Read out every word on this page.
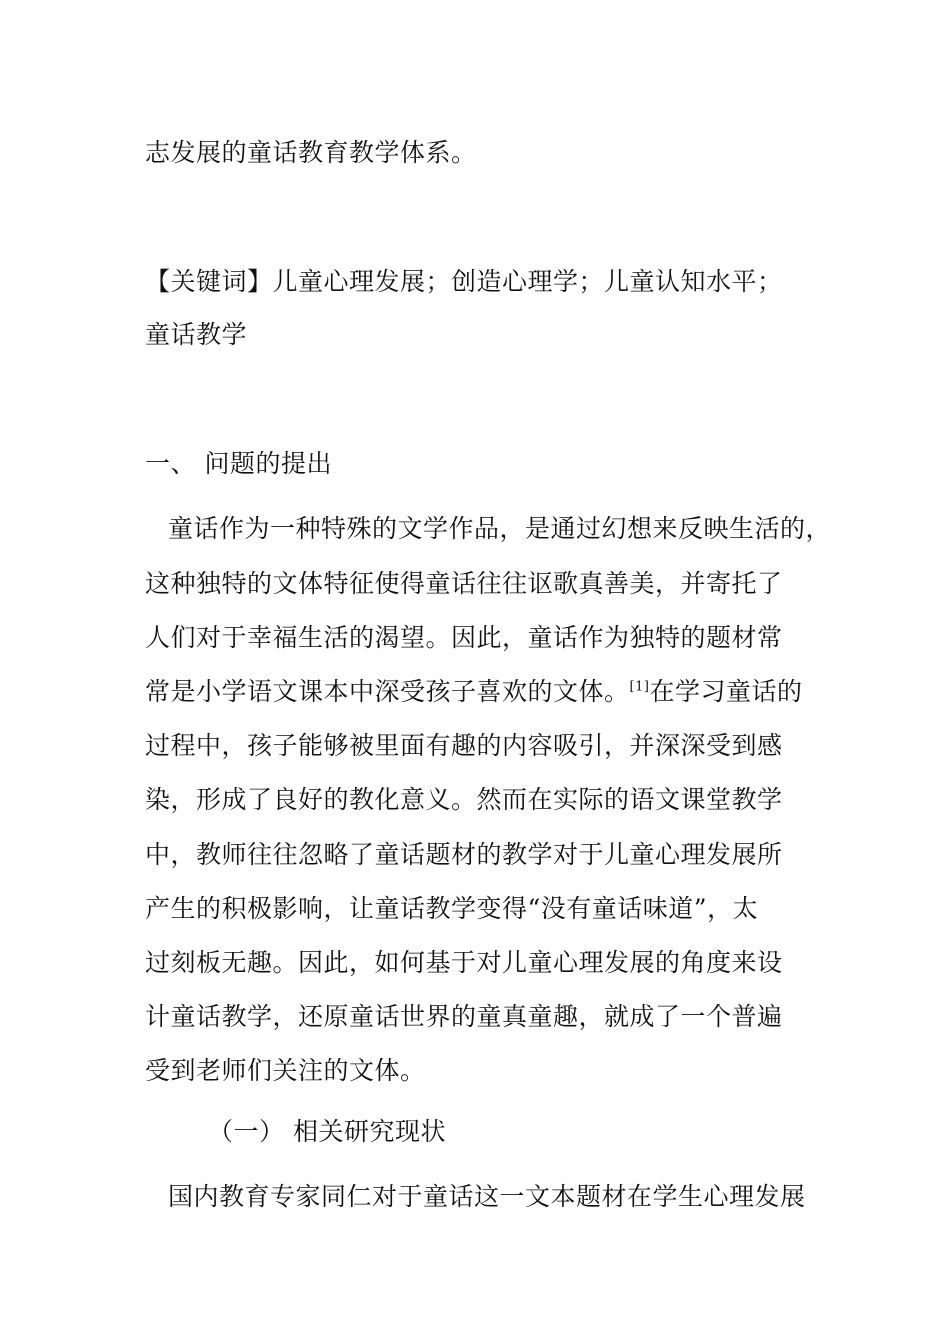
志发展的童话教育教学体系。
【关键词】儿童心理发展；创造心理学；儿童认知水平；
童话教学
一、 问题的提出
童话作为一种特殊的文学作品，是通过幻想来反映生活的，
这种独特的文体特征使得童话往往讴歌真善美，并寄托了
人们对于幸福生活的渴望。因此，童话作为独特的题材常
常是小学语文课本中深受孩子喜欢的文体。[1]在学习童话的
过程中，孩子能够被里面有趣的内容吸引，并深深受到感
染，形成了良好的教化意义。然而在实际的语文课堂教学
中，教师往往忽略了童话题材的教学对于儿童心理发展所
产生的积极影响，让童话教学变得“没有童话味道”，太
过刻板无趣。因此，如何基于对儿童心理发展的角度来设
计童话教学，还原童话世界的童真童趣，就成了一个普遍
受到老师们关注的文体。
（一） 相关研究现状
国内教育专家同仁对于童话这一文本题材在学生心理发展
